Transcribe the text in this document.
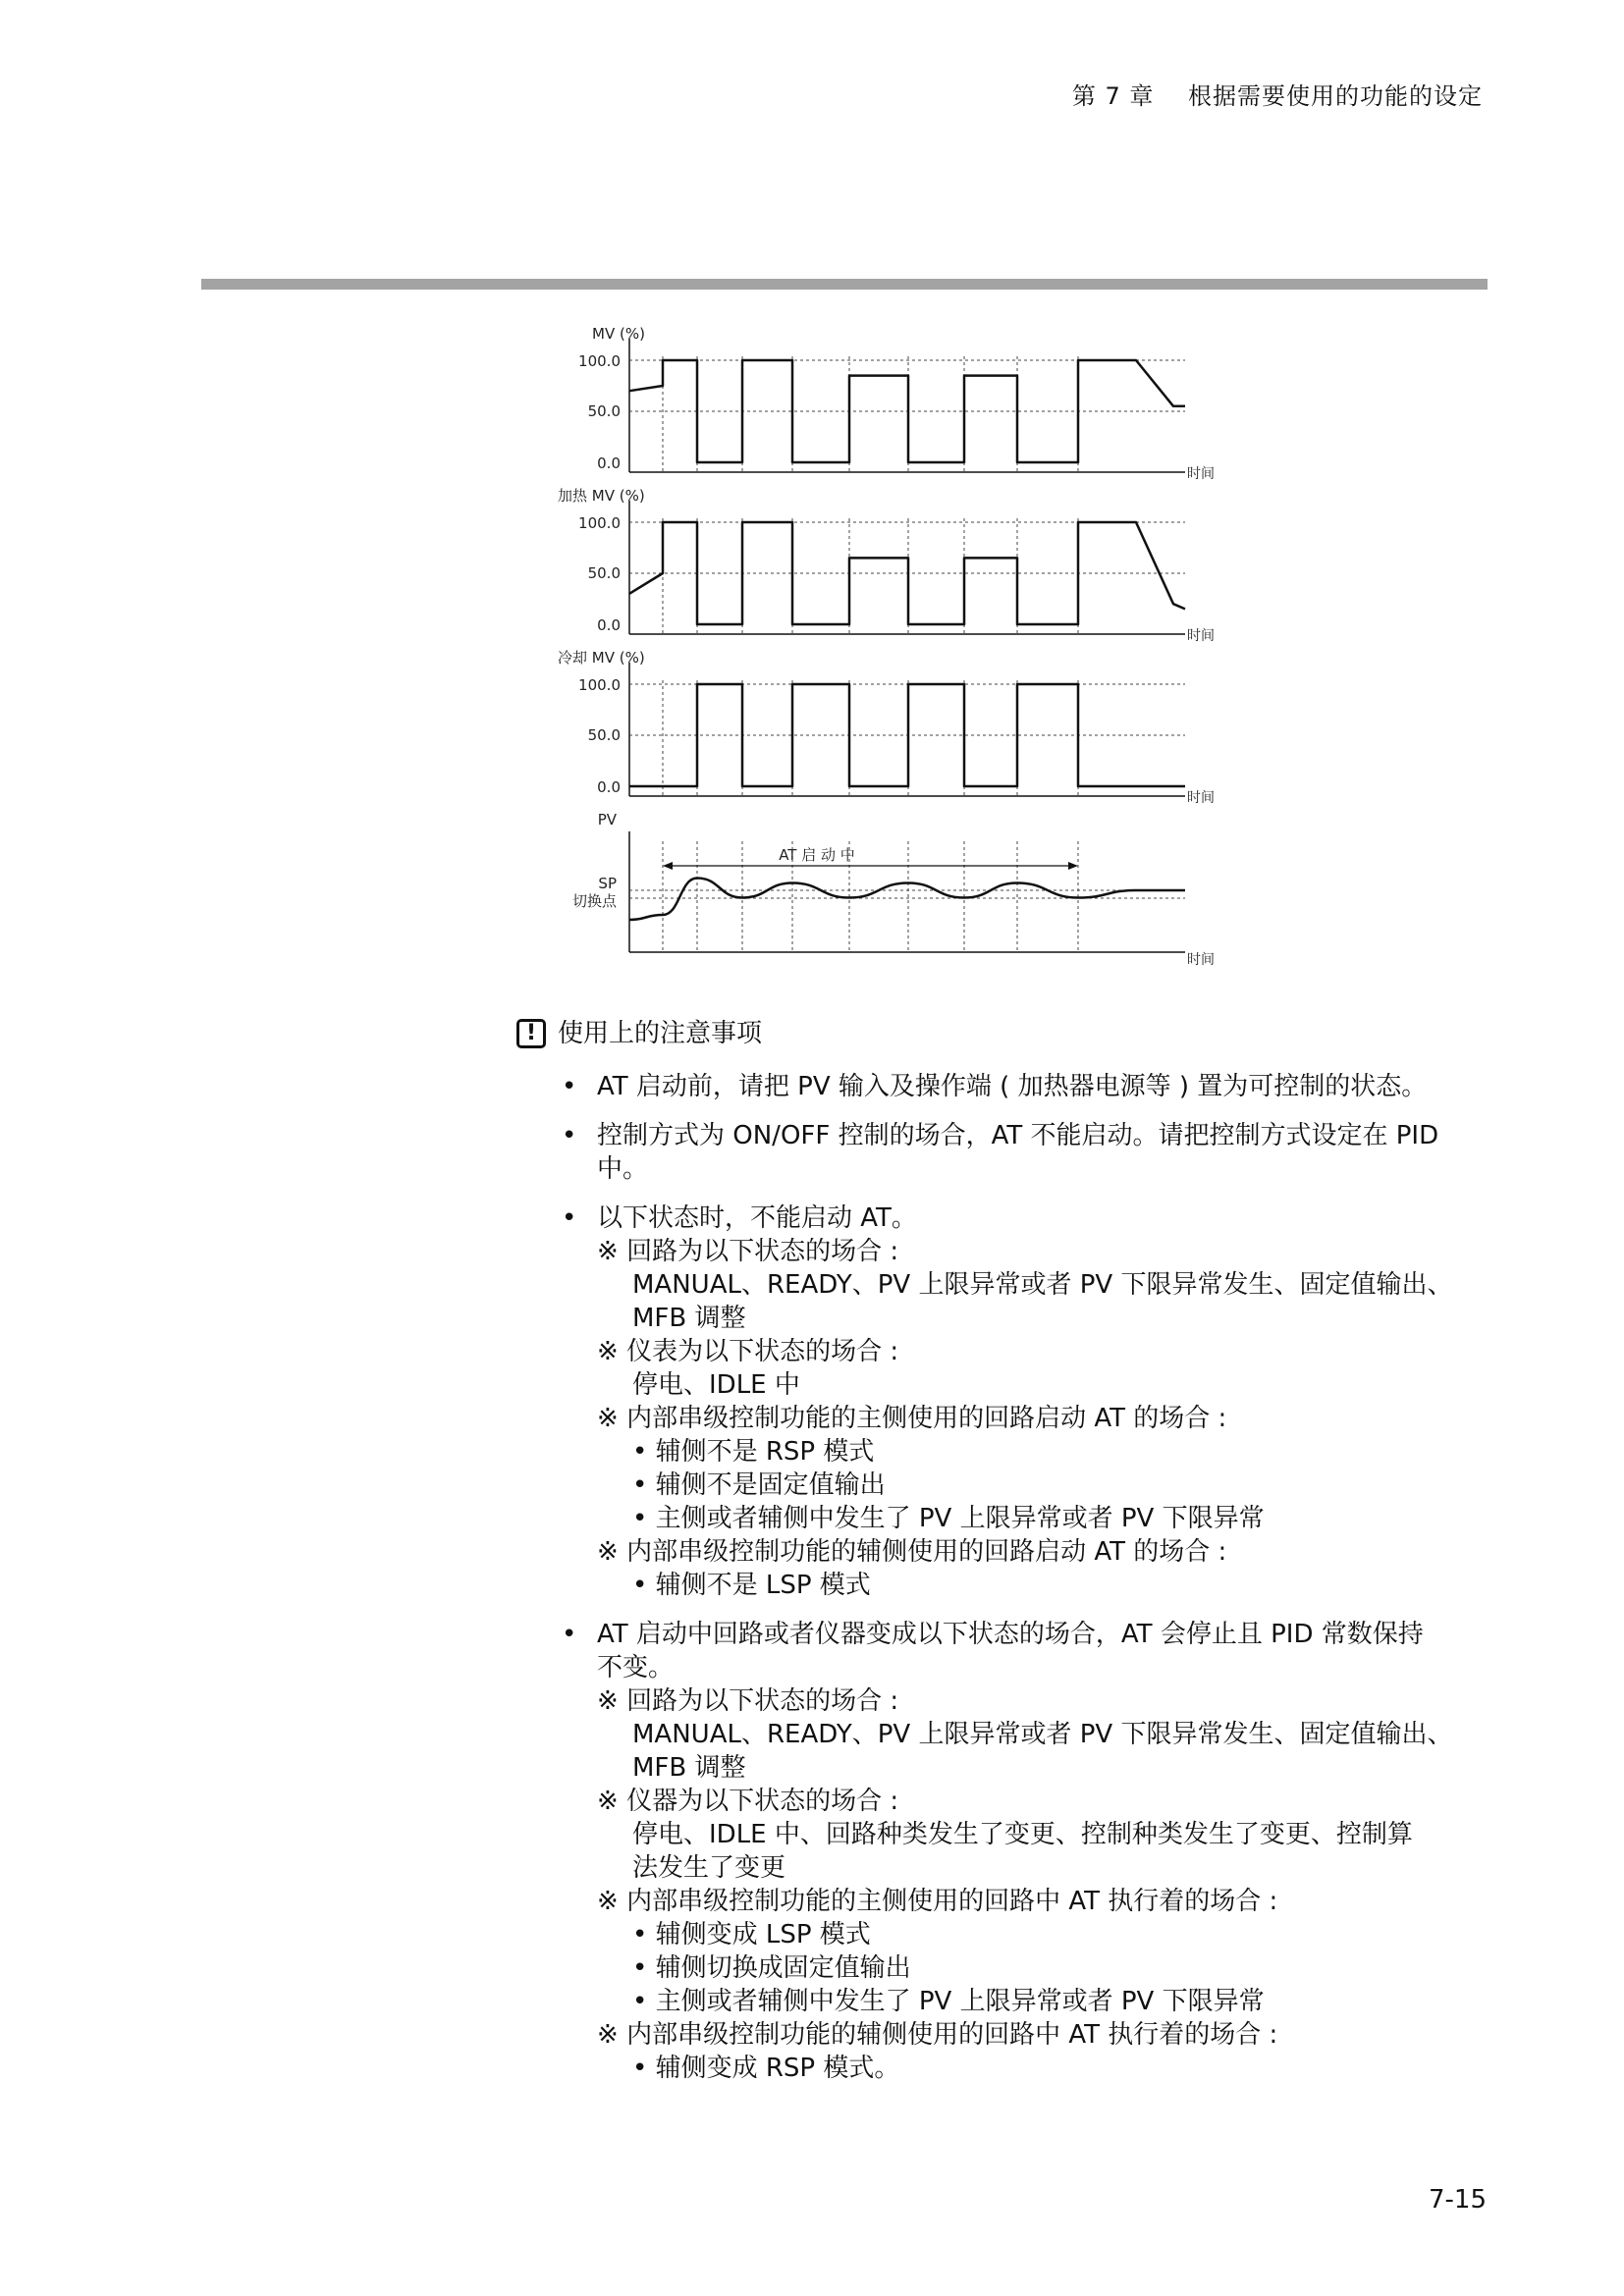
第 7 章 根据需要使用的功能的设定
MV (%)
100.0
50.0
0.0
时间
加热 MV (%)
100.0
50.0
0.0
时间
冷却 MV (%)
100.0
50.0
0.0
时间
PV
SP
切换点
AT 启 动 中
时间
! 使用上的注意事项
• AT 启动前，请把 PV 输入及操作端 ( 加热器电源等 ) 置为可控制的状态。
• 控制方式为 ON/OFF 控制的场合，AT 不能启动。请把控制方式设定在 PID
中。
• 以下状态时，不能启动 AT。
※ 回路为以下状态的场合 :
MANUAL、READY、PV 上限异常或者 PV 下限异常发生、固定值输出、
MFB 调整
※ 仪表为以下状态的场合 :
停电、IDLE 中
※ 内部串级控制功能的主侧使用的回路启动 AT 的场合 :
• 辅侧不是 RSP 模式
• 辅侧不是固定值输出
• 主侧或者辅侧中发生了 PV 上限异常或者 PV 下限异常
※ 内部串级控制功能的辅侧使用的回路启动 AT 的场合 :
• 辅侧不是 LSP 模式
• AT 启动中回路或者仪器变成以下状态的场合，AT 会停止且 PID 常数保持
不变。
※ 回路为以下状态的场合 :
MANUAL、READY、PV 上限异常或者 PV 下限异常发生、固定值输出、
MFB 调整
※ 仪器为以下状态的场合 :
停电、IDLE 中、回路种类发生了变更、控制种类发生了变更、控制算
法发生了变更
※ 内部串级控制功能的主侧使用的回路中 AT 执行着的场合 :
• 辅侧变成 LSP 模式
• 辅侧切换成固定值输出
• 主侧或者辅侧中发生了 PV 上限异常或者 PV 下限异常
※ 内部串级控制功能的辅侧使用的回路中 AT 执行着的场合 :
• 辅侧变成 RSP 模式。
7-15
